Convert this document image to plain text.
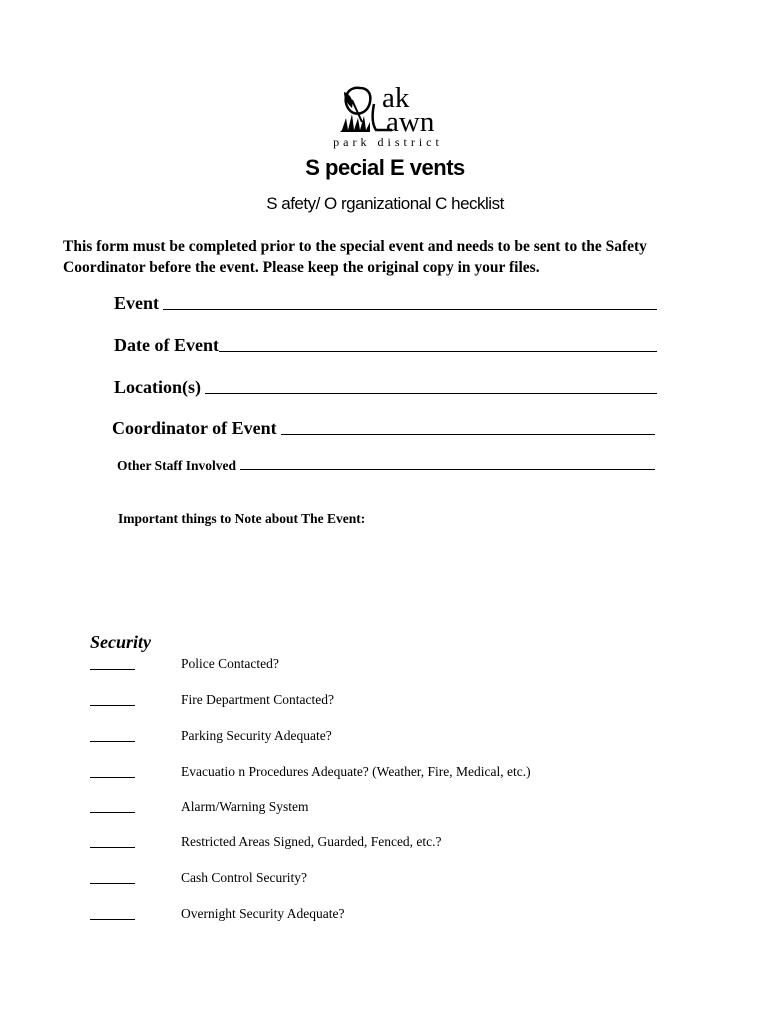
ak
awn
park district
S pecial E vents
S afety/ O rganizational C hecklist
This form must be completed prior to the special event and needs to be sent to the Safety Coordinator before the event. Please keep the original copy in your files.
Event
Date of Event
Location(s)
Coordinator of Event
Other Staff Involved
Important things to Note about The Event:
Security
Police Contacted?
Fire Department Contacted?
Parking Security Adequate?
Evacuatio n Procedures Adequate? (Weather, Fire, Medical, etc.)
Alarm/Warning System
Restricted Areas Signed, Guarded, Fenced, etc.?
Cash Control Security?
Overnight Security Adequate?
